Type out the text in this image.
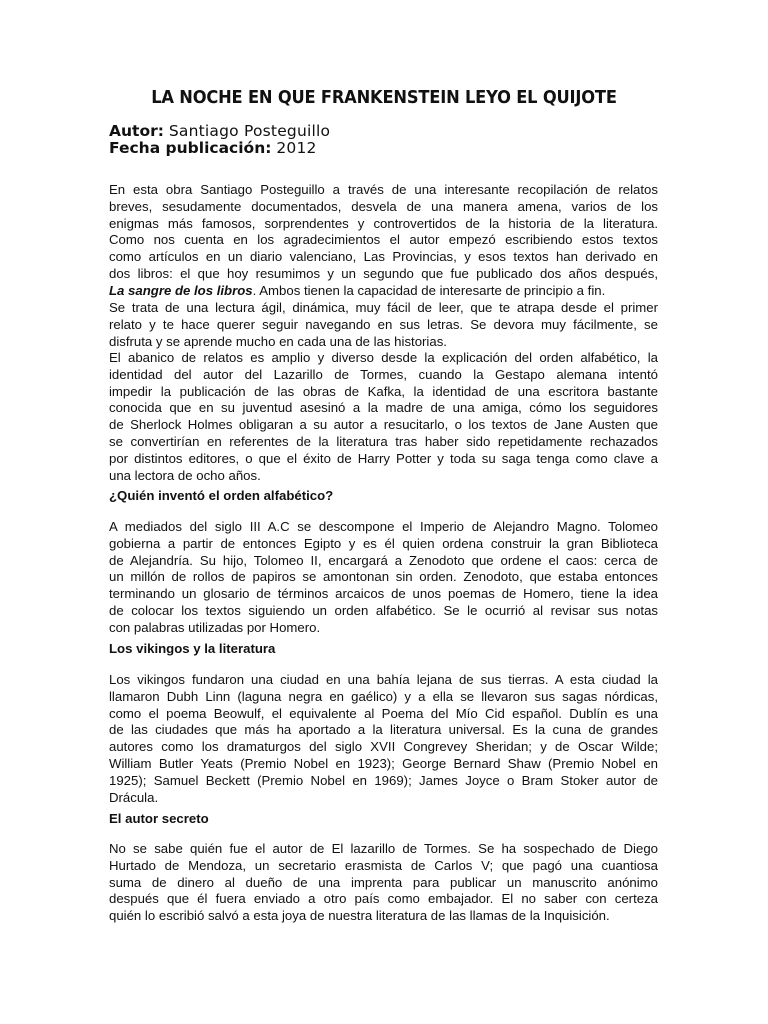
LA NOCHE EN QUE FRANKENSTEIN LEYO EL QUIJOTE
Autor: Santiago Posteguillo
Fecha publicación: 2012
En esta obra Santiago Posteguillo a través de una interesante recopilación de relatos
breves, sesudamente documentados, desvela de una manera amena, varios de los
enigmas más famosos, sorprendentes y controvertidos de la historia de la literatura.
Como nos cuenta en los agradecimientos el autor empezó escribiendo estos textos
como artículos en un diario valenciano, Las Provincias, y esos textos han derivado en
dos libros: el que hoy resumimos y un segundo que fue publicado dos años después,
La sangre de los libros. Ambos tienen la capacidad de interesarte de principio a fin.
Se trata de una lectura ágil, dinámica, muy fácil de leer, que te atrapa desde el primer
relato y te hace querer seguir navegando en sus letras. Se devora muy fácilmente, se
disfruta y se aprende mucho en cada una de las historias.
El abanico de relatos es amplio y diverso desde la explicación del orden alfabético, la
identidad del autor del Lazarillo de Tormes, cuando la Gestapo alemana intentó
impedir la publicación de las obras de Kafka, la identidad de una escritora bastante
conocida que en su juventud asesinó a la madre de una amiga, cómo los seguidores
de Sherlock Holmes obligaran a su autor a resucitarlo, o los textos de Jane Austen que
se convertirían en referentes de la literatura tras haber sido repetidamente rechazados
por distintos editores, o que el éxito de Harry Potter y toda su saga tenga como clave a
una lectora de ocho años.
¿Quién inventó el orden alfabético?
A mediados del siglo III A.C se descompone el Imperio de Alejandro Magno. Tolomeo
gobierna a partir de entonces Egipto y es él quien ordena construir la gran Biblioteca
de Alejandría. Su hijo, Tolomeo II, encargará a Zenodoto que ordene el caos: cerca de
un millón de rollos de papiros se amontonan sin orden. Zenodoto, que estaba entonces
terminando un glosario de términos arcaicos de unos poemas de Homero, tiene la idea
de colocar los textos siguiendo un orden alfabético. Se le ocurrió al revisar sus notas
con palabras utilizadas por Homero.
Los vikingos y la literatura
Los vikingos fundaron una ciudad en una bahía lejana de sus tierras. A esta ciudad la
llamaron Dubh Linn (laguna negra en gaélico) y a ella se llevaron sus sagas nórdicas,
como el poema Beowulf, el equivalente al Poema del Mío Cid español. Dublín es una
de las ciudades que más ha aportado a la literatura universal. Es la cuna de grandes
autores como los dramaturgos del siglo XVII Congrevey Sheridan; y de Oscar Wilde;
William Butler Yeats (Premio Nobel en 1923); George Bernard Shaw (Premio Nobel en
1925); Samuel Beckett (Premio Nobel en 1969); James Joyce o Bram Stoker autor de
Drácula.
El autor secreto
No se sabe quién fue el autor de El lazarillo de Tormes. Se ha sospechado de Diego
Hurtado de Mendoza, un secretario erasmista de Carlos V; que pagó una cuantiosa
suma de dinero al dueño de una imprenta para publicar un manuscrito anónimo
después que él fuera enviado a otro país como embajador. El no saber con certeza
quién lo escribió salvó a esta joya de nuestra literatura de las llamas de la Inquisición.
